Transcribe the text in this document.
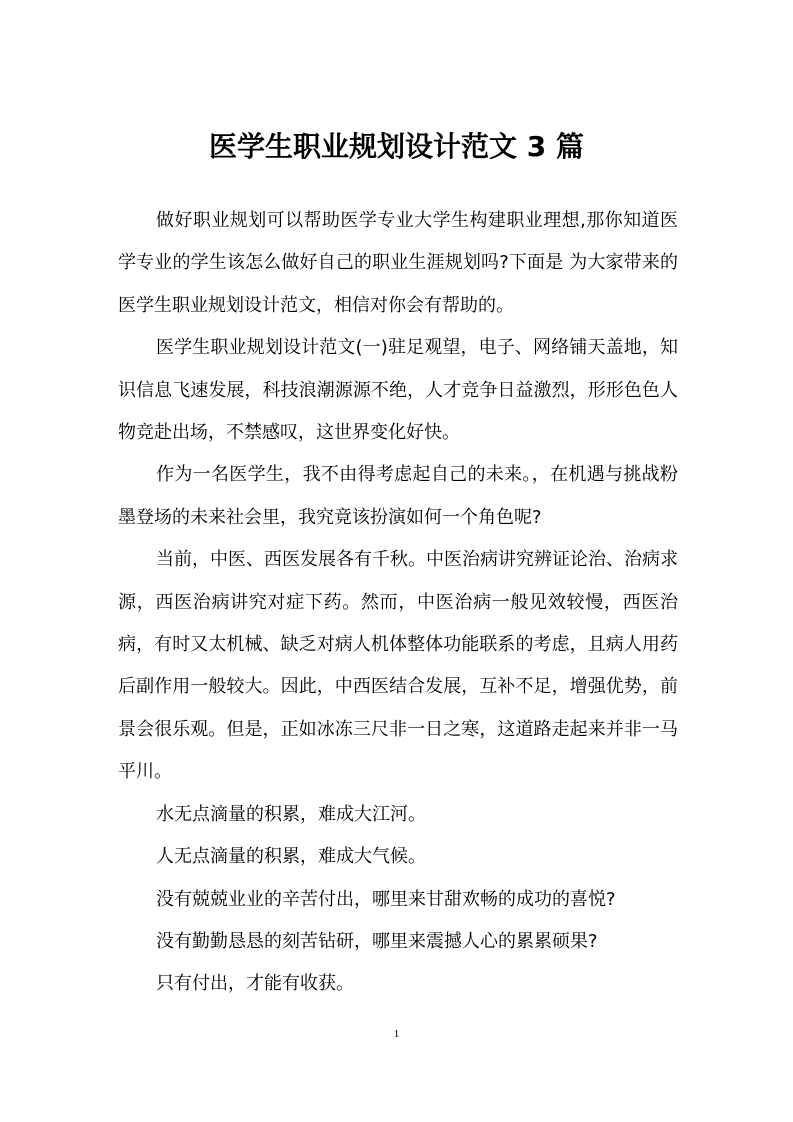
医学生职业规划设计范文 3 篇

做好职业规划可以帮助医学专业大学生构建职业理想,那你知道医学专业的学生该怎么做好自己的职业生涯规划吗?下面是 为大家带来的医学生职业规划设计范文，相信对你会有帮助的。

医学生职业规划设计范文(一)驻足观望，电子、网络铺天盖地，知识信息飞速发展，科技浪潮源源不绝，人才竞争日益激烈，形形色色人物竞赴出场，不禁感叹，这世界变化好快。

作为一名医学生，我不由得考虑起自己的未来。，在机遇与挑战粉墨登场的未来社会里，我究竟该扮演如何一个角色呢?

当前，中医、西医发展各有千秋。中医治病讲究辨证论治、治病求源，西医治病讲究对症下药。然而，中医治病一般见效较慢，西医治病，有时又太机械、缺乏对病人机体整体功能联系的考虑，且病人用药后副作用一般较大。因此，中西医结合发展，互补不足，增强优势，前景会很乐观。但是，正如冰冻三尺非一日之寒，这道路走起来并非一马平川。

水无点滴量的积累，难成大江河。

人无点滴量的积累，难成大气候。

没有兢兢业业的辛苦付出，哪里来甘甜欢畅的成功的喜悦?

没有勤勤恳恳的刻苦钻研，哪里来震撼人心的累累硕果?

只有付出，才能有收获。

1
